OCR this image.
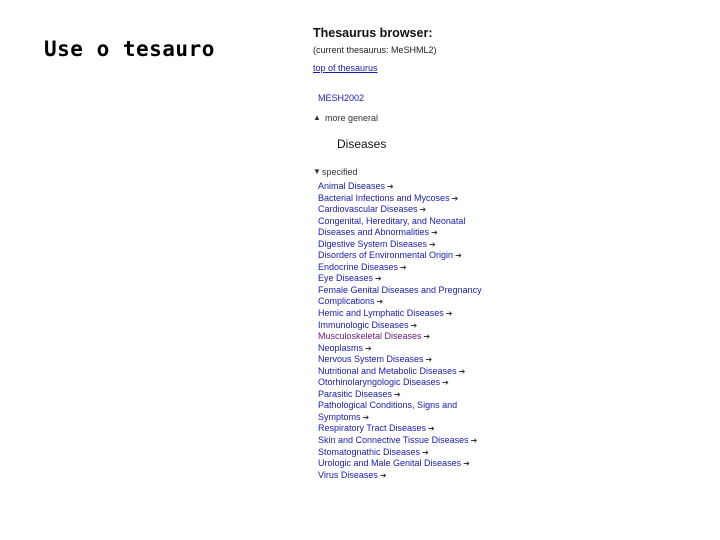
Use o tesauro
Thesaurus browser:
(current thesaurus: MeSHML2)
top of thesaurus
MESH2002
▲ more general
Diseases
▼ specified
Animal Diseases ➔
Bacterial Infections and Mycoses ➔
Cardiovascular Diseases ➔
Congenital, Hereditary, and Neonatal
Diseases and Abnormalities ➔
Digestive System Diseases ➔
Disorders of Environmental Origin ➔
Endocrine Diseases ➔
Eye Diseases ➔
Female Genital Diseases and Pregnancy
Complications ➔
Hemic and Lymphatic Diseases ➔
Immunologic Diseases ➔
Musculoskeletal Diseases ➔
Neoplasms ➔
Nervous System Diseases ➔
Nutritional and Metabolic Diseases ➔
Otorhinolaryngologic Diseases ➔
Parasitic Diseases ➔
Pathological Conditions, Signs and
Symptoms ➔
Respiratory Tract Diseases ➔
Skin and Connective Tissue Diseases ➔
Stomatognathic Diseases ➔
Urologic and Male Genital Diseases ➔
Virus Diseases ➔
